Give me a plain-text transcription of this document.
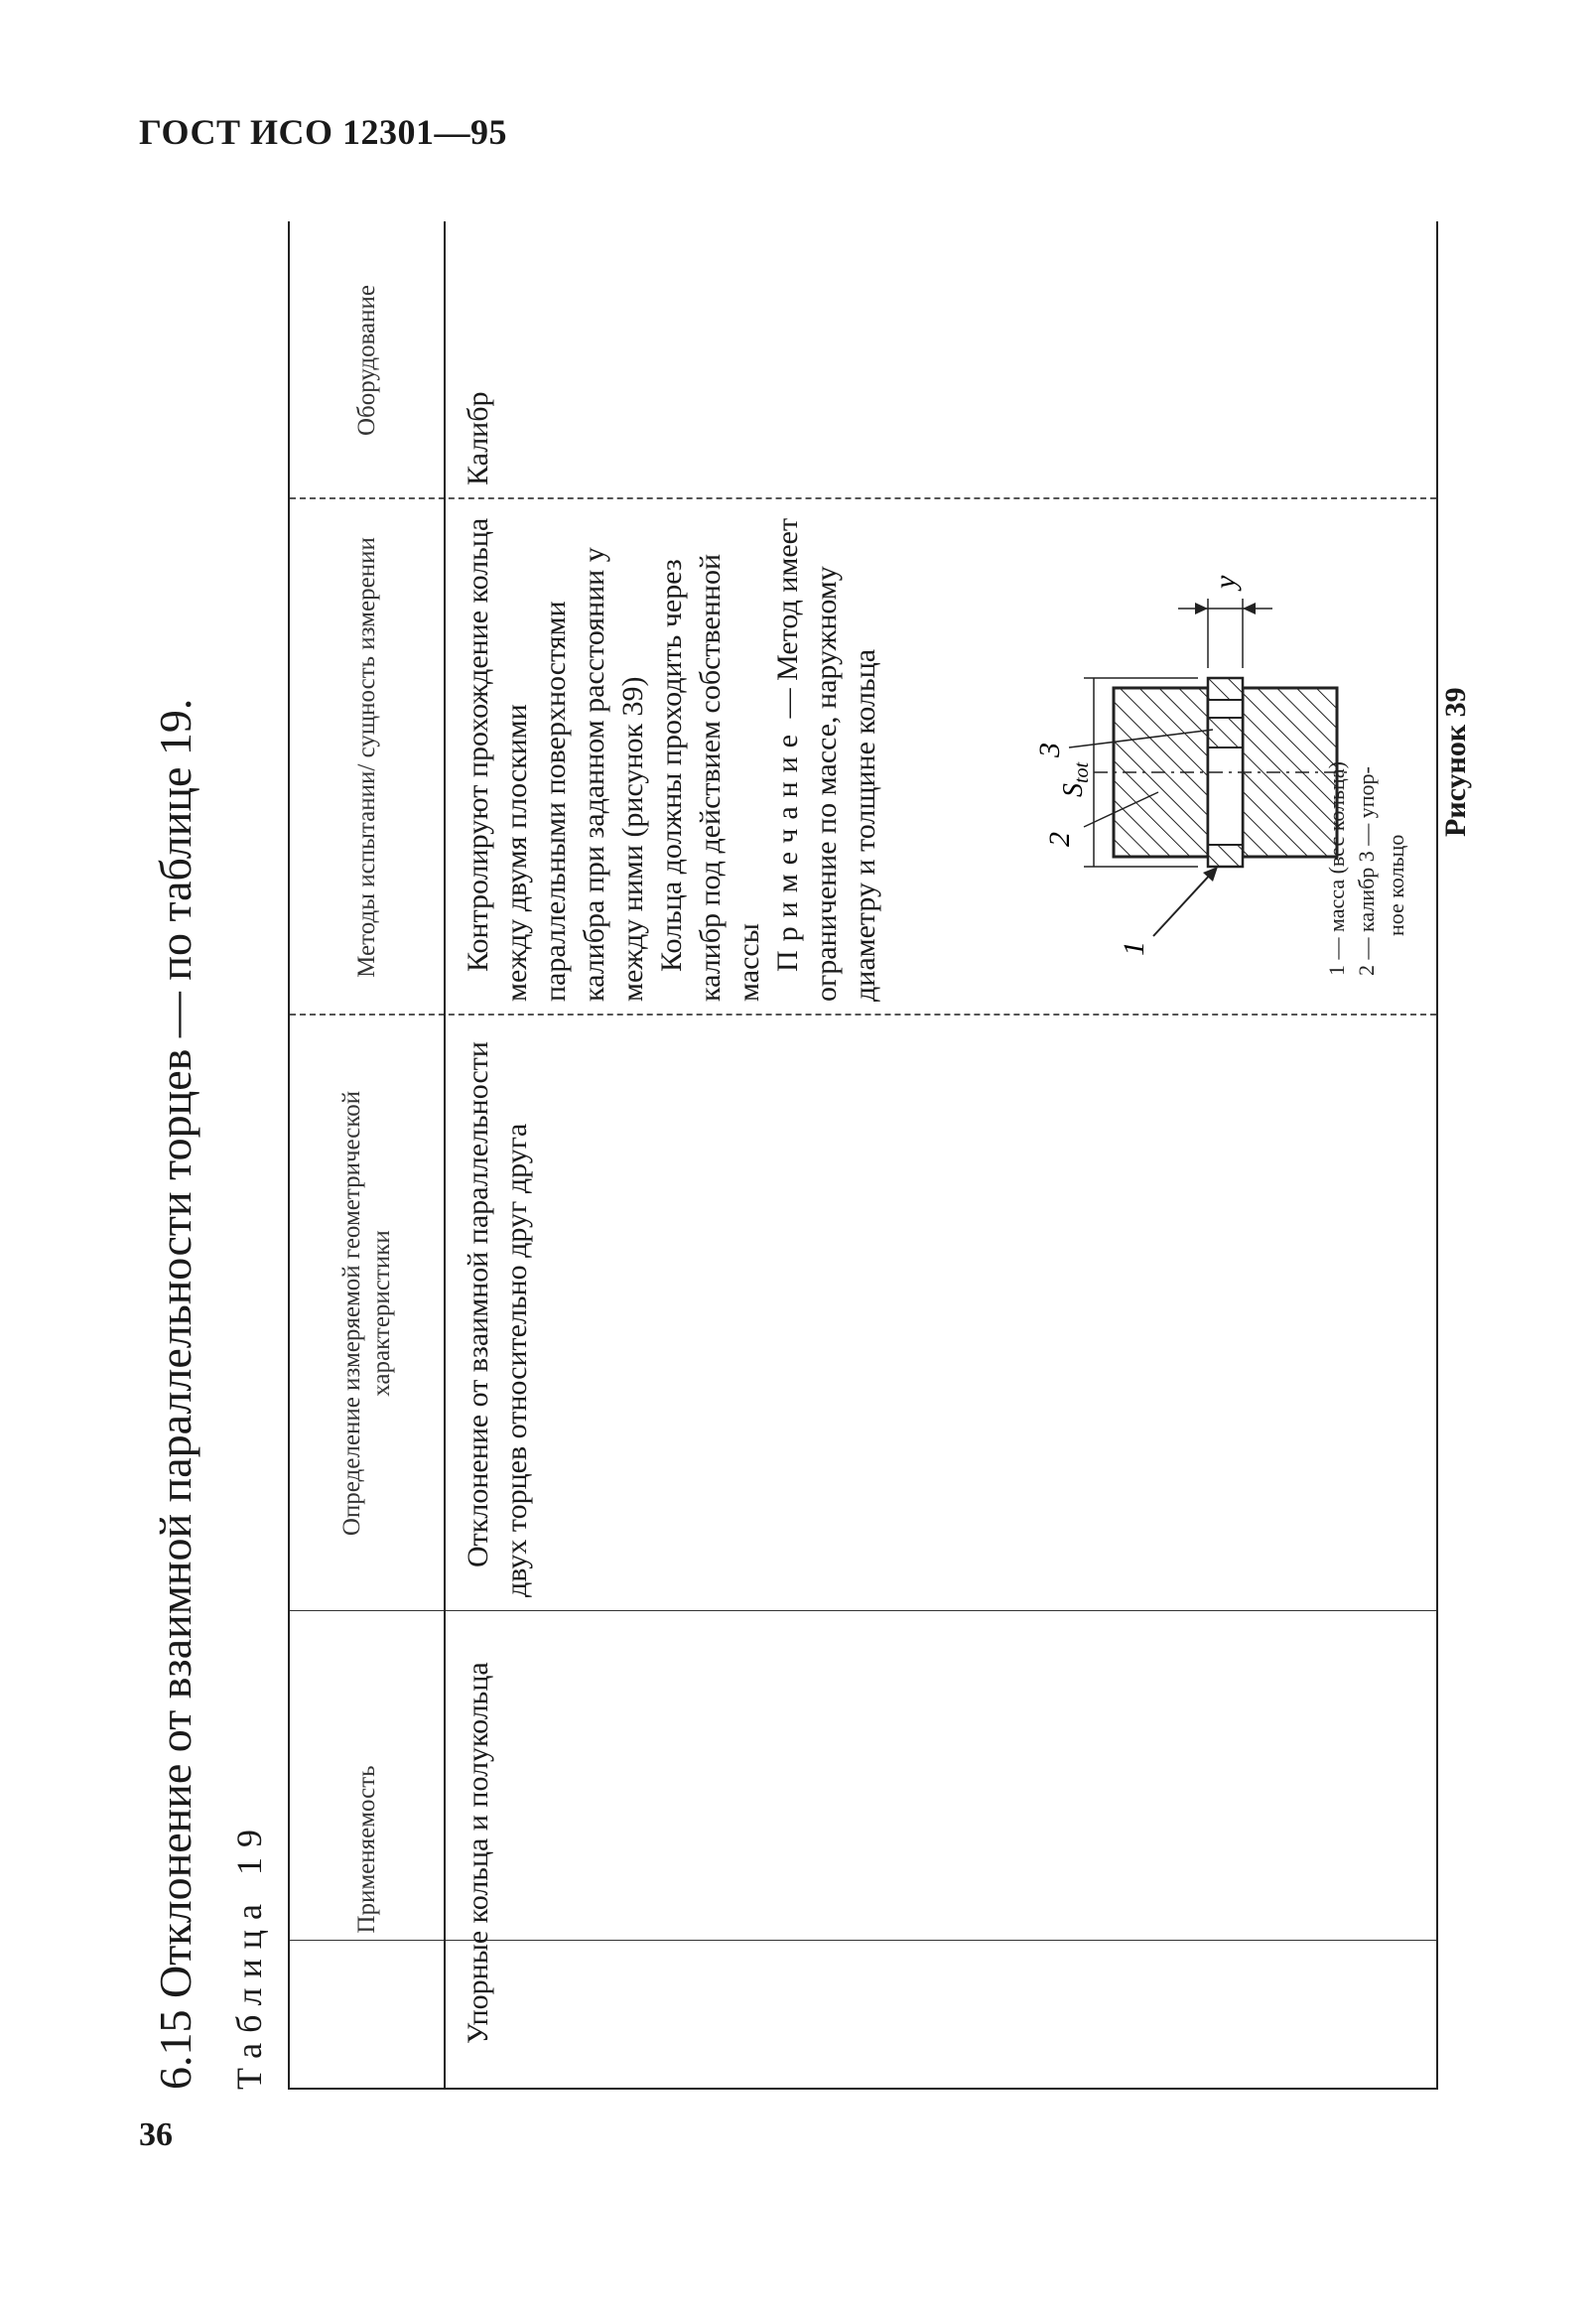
ГОСТ ИСО 12301—95
36
6.15 Отклонение от взаимной параллельности торцев — по таблице 19. Таблица 19	Применяемость
Определение измеряемой геометрической характеристики
Методы испытании/ сущность измерении
Оборудование

Упорные кольца и полукольца

Отклонение от взаимной параллельности двух торцев относительно друг друга

Контролируют прохождение кольца между двумя плоскими параллельными поверхностями калибра при заданном расстоянии у между ними (рисунок 39) Кольца должны проходить через калибр под действием собственной массы Примечание — Метод имеет ограничение по массе, наружному диаметру и толщине кольца	1
2
3
$S_{tot}$
y
1 — масса (вес кольца) 2 — калибр 3 — упор- ное кольцо
Рисунок 39

Калибр
